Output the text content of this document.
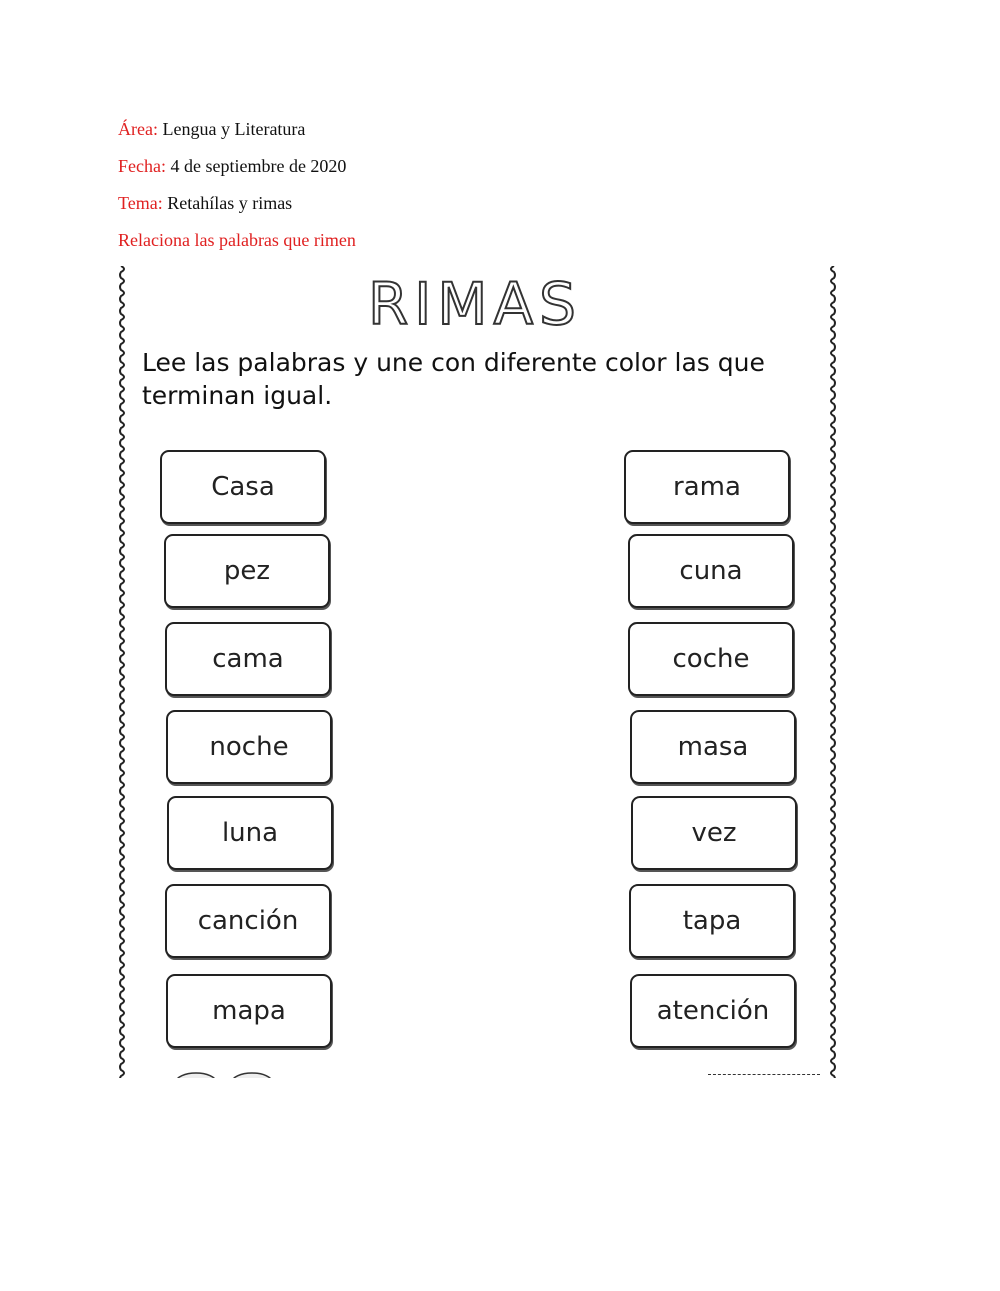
Área: Lengua y Literatura
Fecha: 4 de septiembre de 2020
Tema: Retahílas y rimas
Relaciona las palabras que rimen
RIMAS
Lee las palabras y une con diferente color las que terminan igual.
Casa
pez
cama
noche
luna
canción
mapa
rama
cuna
coche
masa
vez
tapa
atención
